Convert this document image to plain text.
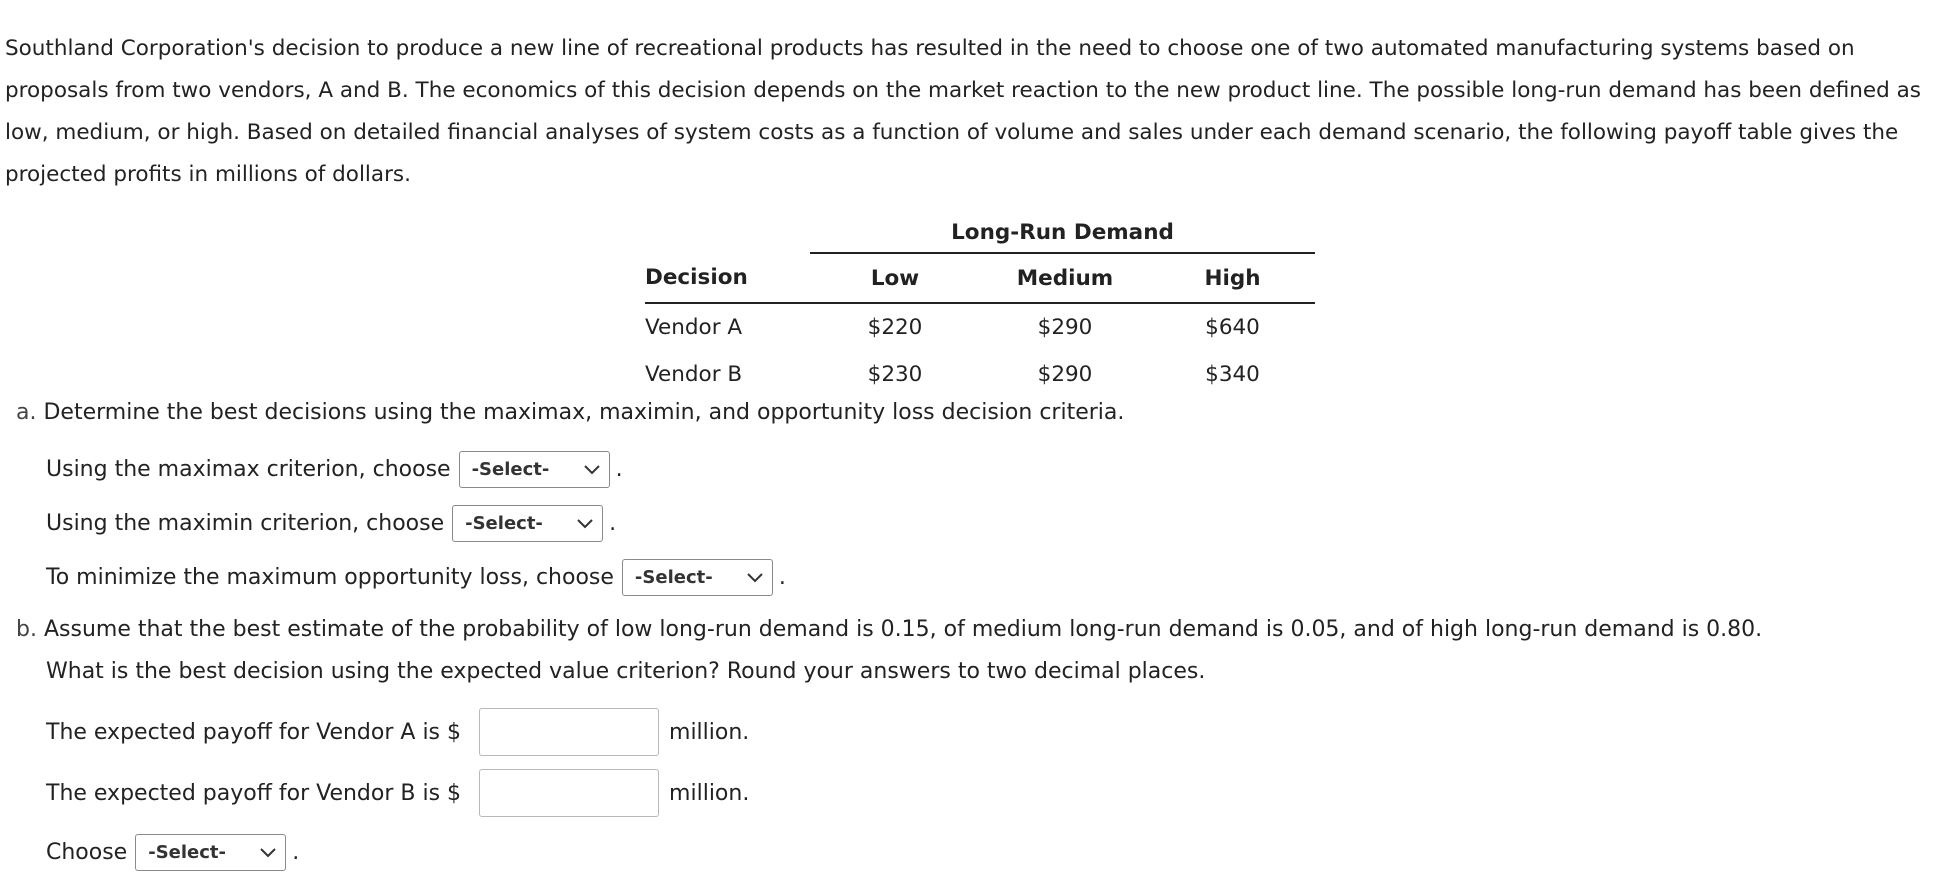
Southland Corporation's decision to produce a new line of recreational products has resulted in the need to choose one of two automated manufacturing systems based on proposals from two vendors, A and B. The economics of this decision depends on the market reaction to the new product line. The possible long-run demand has been defined as low, medium, or high. Based on detailed financial analyses of system costs as a function of volume and sales under each demand scenario, the following payoff table gives the projected profits in millions of dollars.

	Long-Run Demand		
Decision	Low	Medium	High
Vendor A	$220	$290	$640
Vendor B	$230	$290	$340
a. Determine the best decisions using the maximax, maximin, and opportunity loss decision criteria.
Using the maximax criterion, choose -Select-	.
Using the maximin criterion, choose -Select-	.
To minimize the maximum opportunity loss, choose -Select-	.
b. Assume that the best estimate of the probability of low long-run demand is 0.15, of medium long-run demand is 0.05, and of high long-run demand is 0.80.
What is the best decision using the expected value criterion? Round your answers to two decimal places.
The expected payoff for Vendor A is $	million.
The expected payoff for Vendor B is $	million.
Choose -Select-	.
